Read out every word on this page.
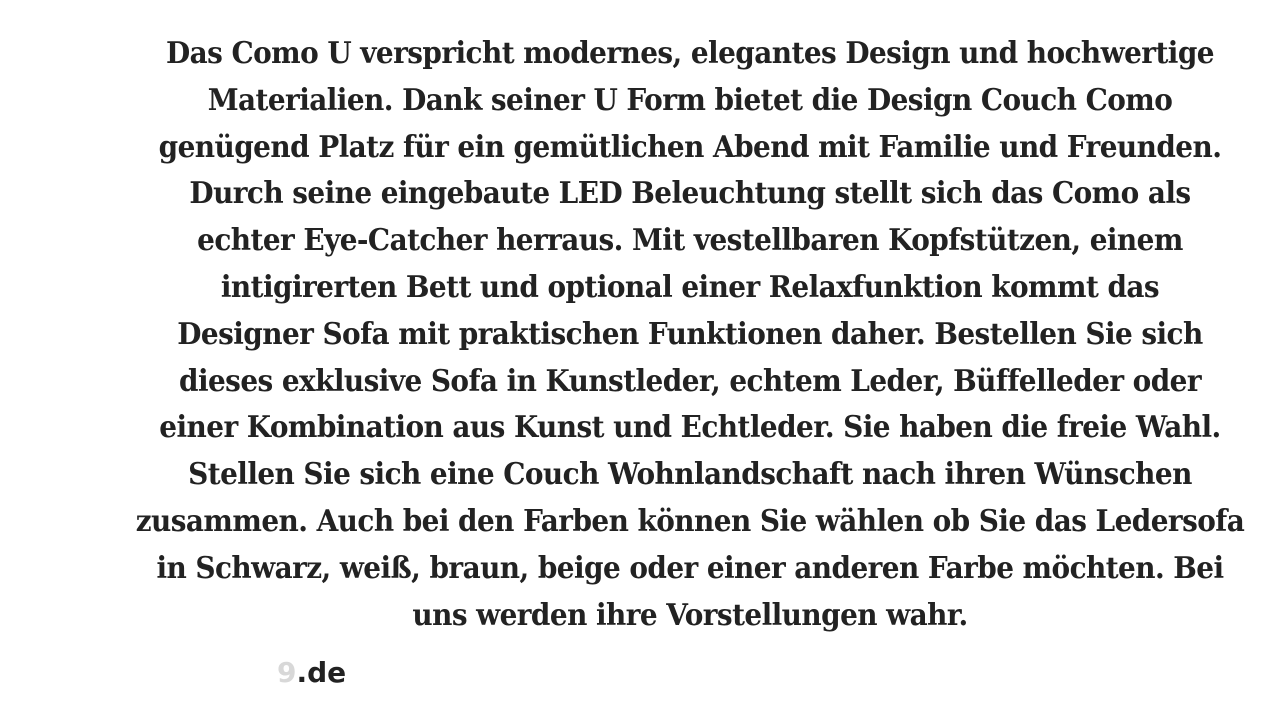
Das Como U verspricht modernes, elegantes Design und hochwertige
Materialien. Dank seiner U Form bietet die Design Couch Como
genügend Platz für ein gemütlichen Abend mit Familie und Freunden.
Durch seine eingebaute LED Beleuchtung stellt sich das Como als
echter Eye-Catcher herraus. Mit vestellbaren Kopfstützen, einem
intigirerten Bett und optional einer Relaxfunktion kommt das
Designer Sofa mit praktischen Funktionen daher. Bestellen Sie sich
dieses exklusive Sofa in Kunstleder, echtem Leder, Büffelleder oder
einer Kombination aus Kunst und Echtleder. Sie haben die freie Wahl.
Stellen Sie sich eine Couch Wohnlandschaft nach ihren Wünschen
zusammen. Auch bei den Farben können Sie wählen ob Sie das Ledersofa
in Schwarz, weiß, braun, beige oder einer anderen Farbe möchten. Bei
uns werden ihre Vorstellungen wahr.
9.de
